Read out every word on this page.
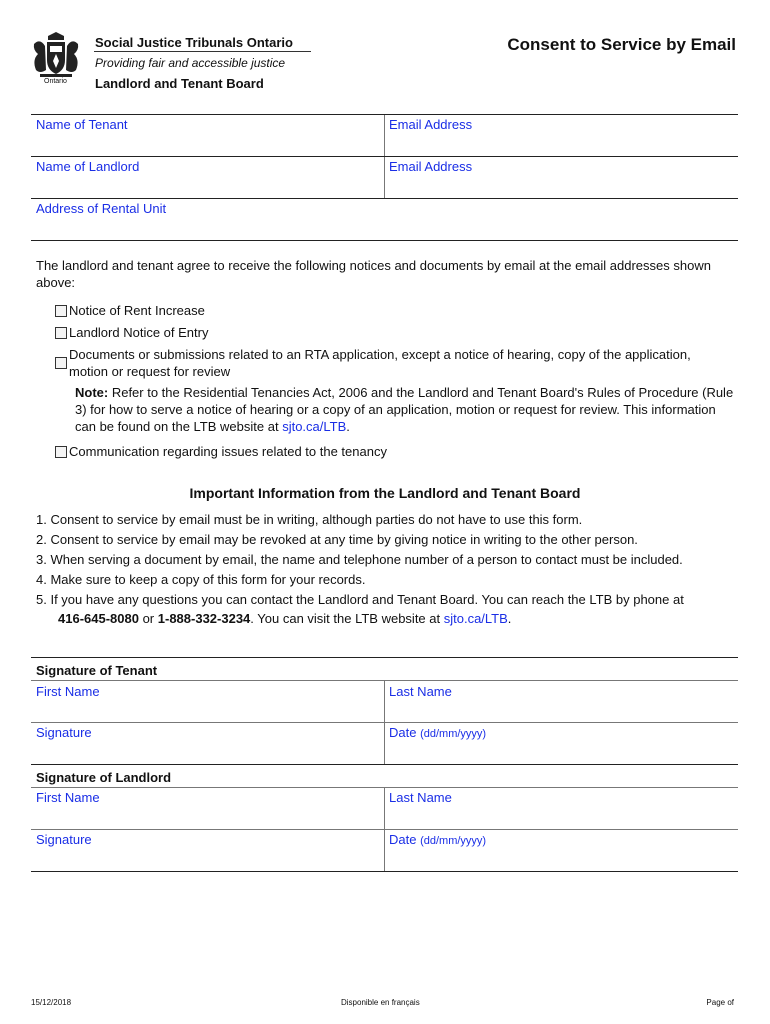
Ontario
Social Justice Tribunals Ontario
Providing fair and accessible justice
Landlord and Tenant Board
Consent to Service by Email
Name of Tenant	Email Address
Name of Landlord	Email Address
Address of Rental Unit
The landlord and tenant agree to receive the following notices and documents by email at the email addresses shown above:
Notice of Rent Increase
Landlord Notice of Entry
Documents or submissions related to an RTA application, except a notice of hearing, copy of the application, motion or request for review
Note: Refer to the Residential Tenancies Act, 2006 and the Landlord and Tenant Board's Rules of Procedure (Rule 3) for how to serve a notice of hearing or a copy of an application, motion or request for review. This information can be found on the LTB website at sjto.ca/LTB.
Communication regarding issues related to the tenancy
Important Information from the Landlord and Tenant Board
1. Consent to service by email must be in writing, although parties do not have to use this form.
2. Consent to service by email may be revoked at any time by giving notice in writing to the other person.
3. When serving a document by email, the name and telephone number of a person to contact must be included.
4. Make sure to keep a copy of this form for your records.
5. If you have any questions you can contact the Landlord and Tenant Board. You can reach the LTB by phone at
416-645-8080 or 1-888-332-3234. You can visit the LTB website at sjto.ca/LTB.
Signature of Tenant
First Name	Last Name
Signature	Date (dd/mm/yyyy)
Signature of Landlord
First Name	Last Name
Signature	Date (dd/mm/yyyy)
15/12/2018	Disponible en français	Page of
